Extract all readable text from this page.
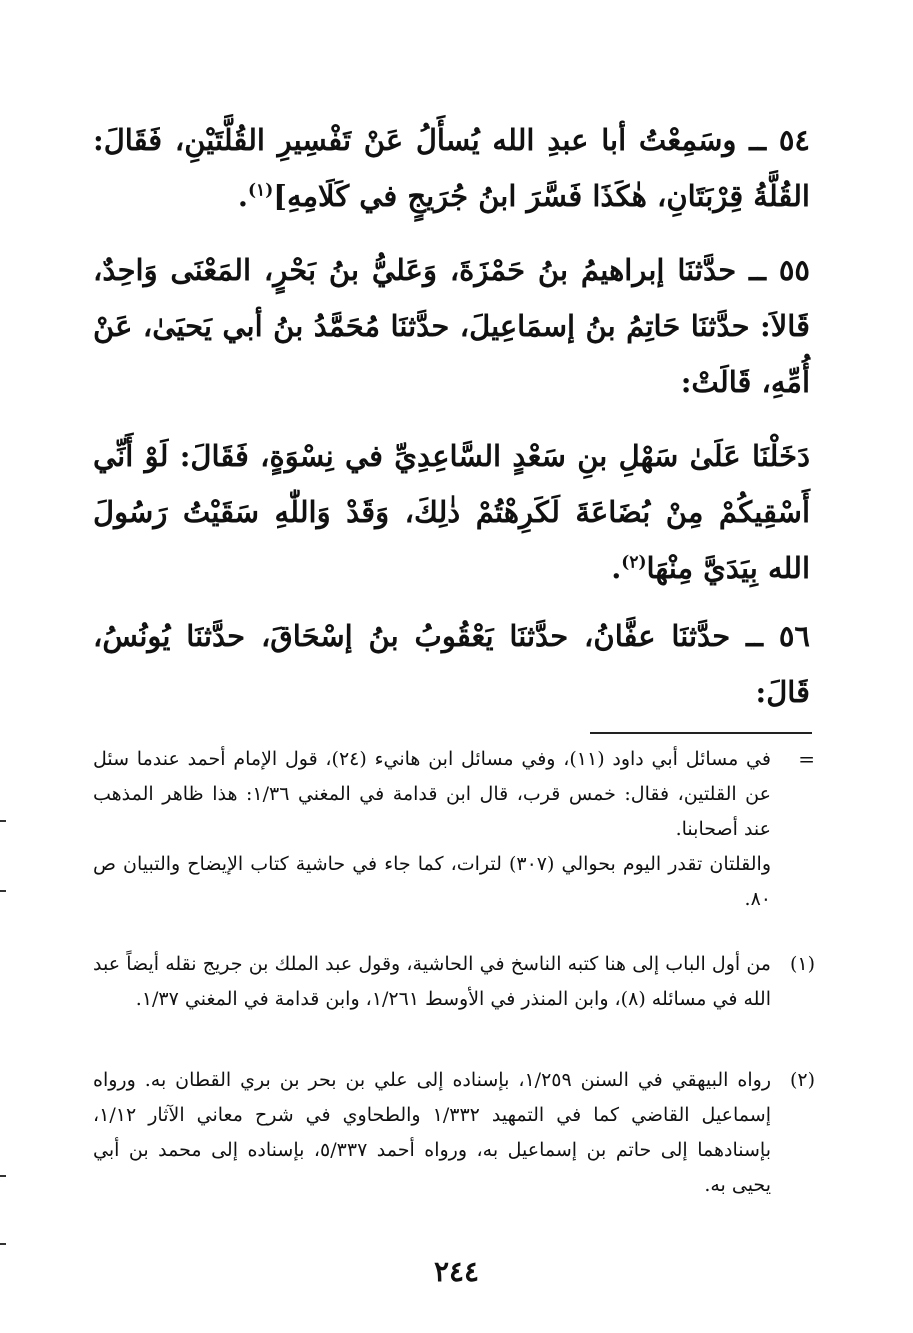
٥٤ ــ وسَمِعْتُ أبا عبدِ الله يُسأَلُ عَنْ تَفْسِيرِ القُلَّتَيْنِ، فَقَالَ: القُلَّةُ قِرْبَتَانِ، هٰكَذَا فَسَّرَ ابنُ جُرَيجٍ في كَلَامِهِ]$^{(١)}$.

٥٥ ــ حدَّثنَا إبراهيمُ بنُ حَمْزَةَ، وَعَليُّ بنُ بَحْرٍ، المَعْنَى وَاحِدٌ، قَالاَ: حدَّثنَا حَاتِمُ بنُ إسمَاعِيلَ، حدَّثنَا مُحَمَّدُ بنُ أبي يَحيَىٰ، عَنْ أُمِّهِ، قَالَتْ:

دَخَلْنَا عَلَىٰ سَهْلِ بنِ سَعْدٍ السَّاعِدِيِّ في نِسْوَةٍ، فَقَالَ: لَوْ أَنِّي أَسْقِيكُمْ مِنْ بُضَاعَةَ لَكَرِهْتُمْ ذٰلِكَ، وَقَدْ وَاللّٰهِ سَقَيْتُ رَسُولَ الله بِيَدَيَّ مِنْهَا$^{(٢)}$.

٥٦ ــ حدَّثنَا عفَّانُ، حدَّثنَا يَعْقُوبُ بنُ إسْحَاقَ، حدَّثنَا يُونُسُ، قَالَ:

=

في مسائل أبي داود (١١)، وفي مسائل ابن هانيء (٢٤)، قول الإمام أحمد عندما سئل عن القلتين، فقال: خمس قرب، قال ابن قدامة في المغني ١/٣٦: هذا ظاهر المذهب عند أصحابنا.

والقلتان تقدر اليوم بحوالي (٣٠٧) لترات، كما جاء في حاشية كتاب الإيضاح والتبيان ص ٨٠.

(١)

من أول الباب إلى هنا كتبه الناسخ في الحاشية، وقول عبد الملك بن جريج نقله أيضاً عبد الله في مسائله (٨)، وابن المنذر في الأوسط ١/٢٦١، وابن قدامة في المغني ١/٣٧.

(٢)

رواه البيهقي في السنن ١/٢٥٩، بإسناده إلى علي بن بحر بن بري القطان به. ورواه إسماعيل القاضي كما في التمهيد ١/٣٣٢ والطحاوي في شرح معاني الآثار ١/١٢، بإسنادهما إلى حاتم بن إسماعيل به، ورواه أحمد ٥/٣٣٧، بإسناده إلى محمد بن أبي يحيى به.

٢٤٤
